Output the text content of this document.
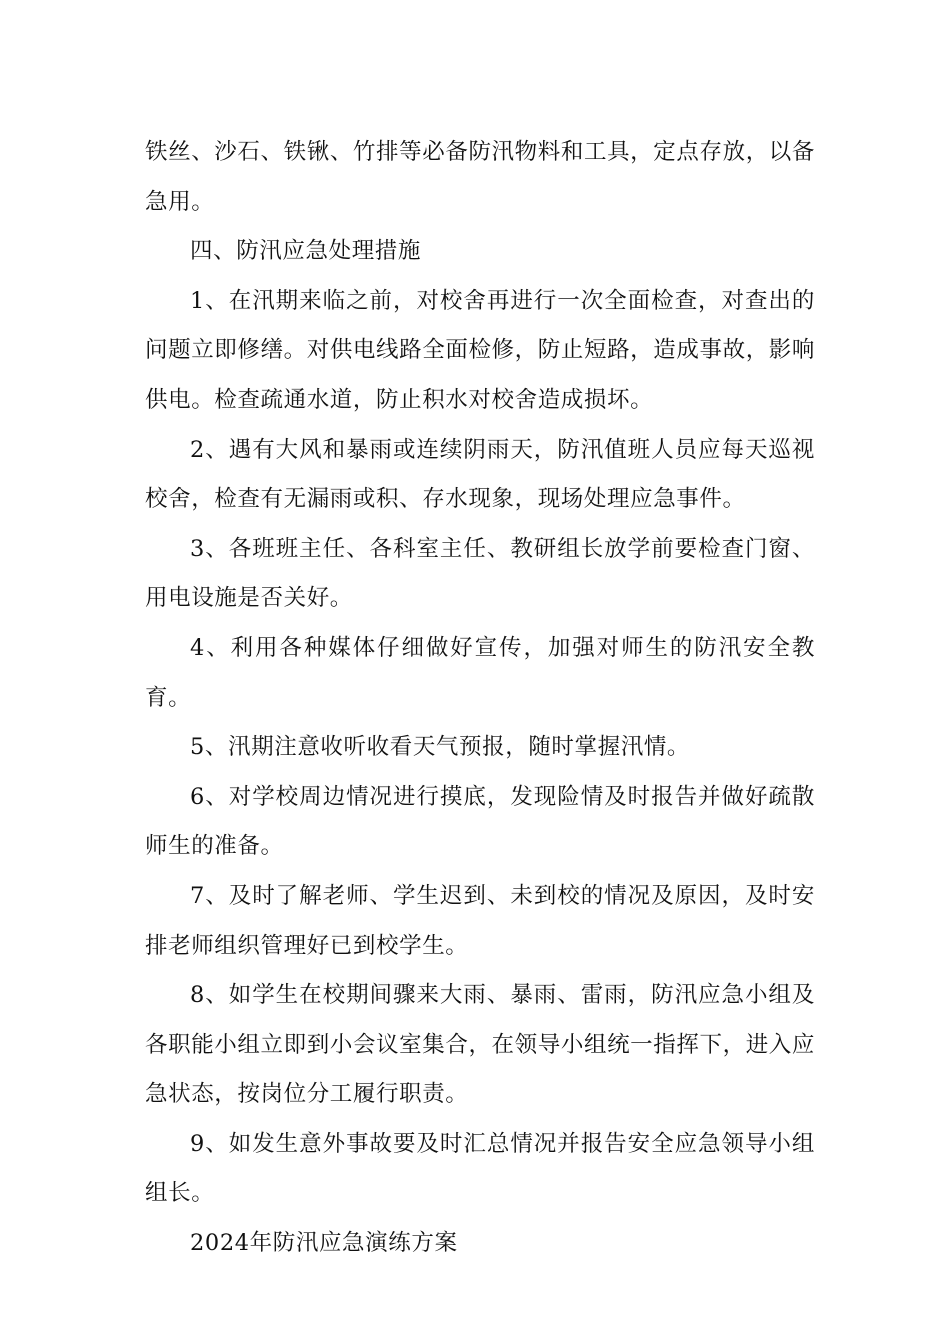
铁丝、沙石、铁锹、竹排等必备防汛物料和工具，定点存放，以备急用。

四、防汛应急处理措施

1、在汛期来临之前，对校舍再进行一次全面检查，对查出的问题立即修缮。对供电线路全面检修，防止短路，造成事故，影响供电。检查疏通水道，防止积水对校舍造成损坏。

2、遇有大风和暴雨或连续阴雨天，防汛值班人员应每天巡视校舍，检查有无漏雨或积、存水现象，现场处理应急事件。

3、各班班主任、各科室主任、教研组长放学前要检查门窗、用电设施是否关好。

4、利用各种媒体仔细做好宣传，加强对师生的防汛安全教育。

5、汛期注意收听收看天气预报，随时掌握汛情。

6、对学校周边情况进行摸底，发现险情及时报告并做好疏散师生的准备。

7、及时了解老师、学生迟到、未到校的情况及原因，及时安排老师组织管理好已到校学生。

8、如学生在校期间骤来大雨、暴雨、雷雨，防汛应急小组及各职能小组立即到小会议室集合，在领导小组统一指挥下，进入应急状态，按岗位分工履行职责。

9、如发生意外事故要及时汇总情况并报告安全应急领导小组组长。

2024年防汛应急演练方案
